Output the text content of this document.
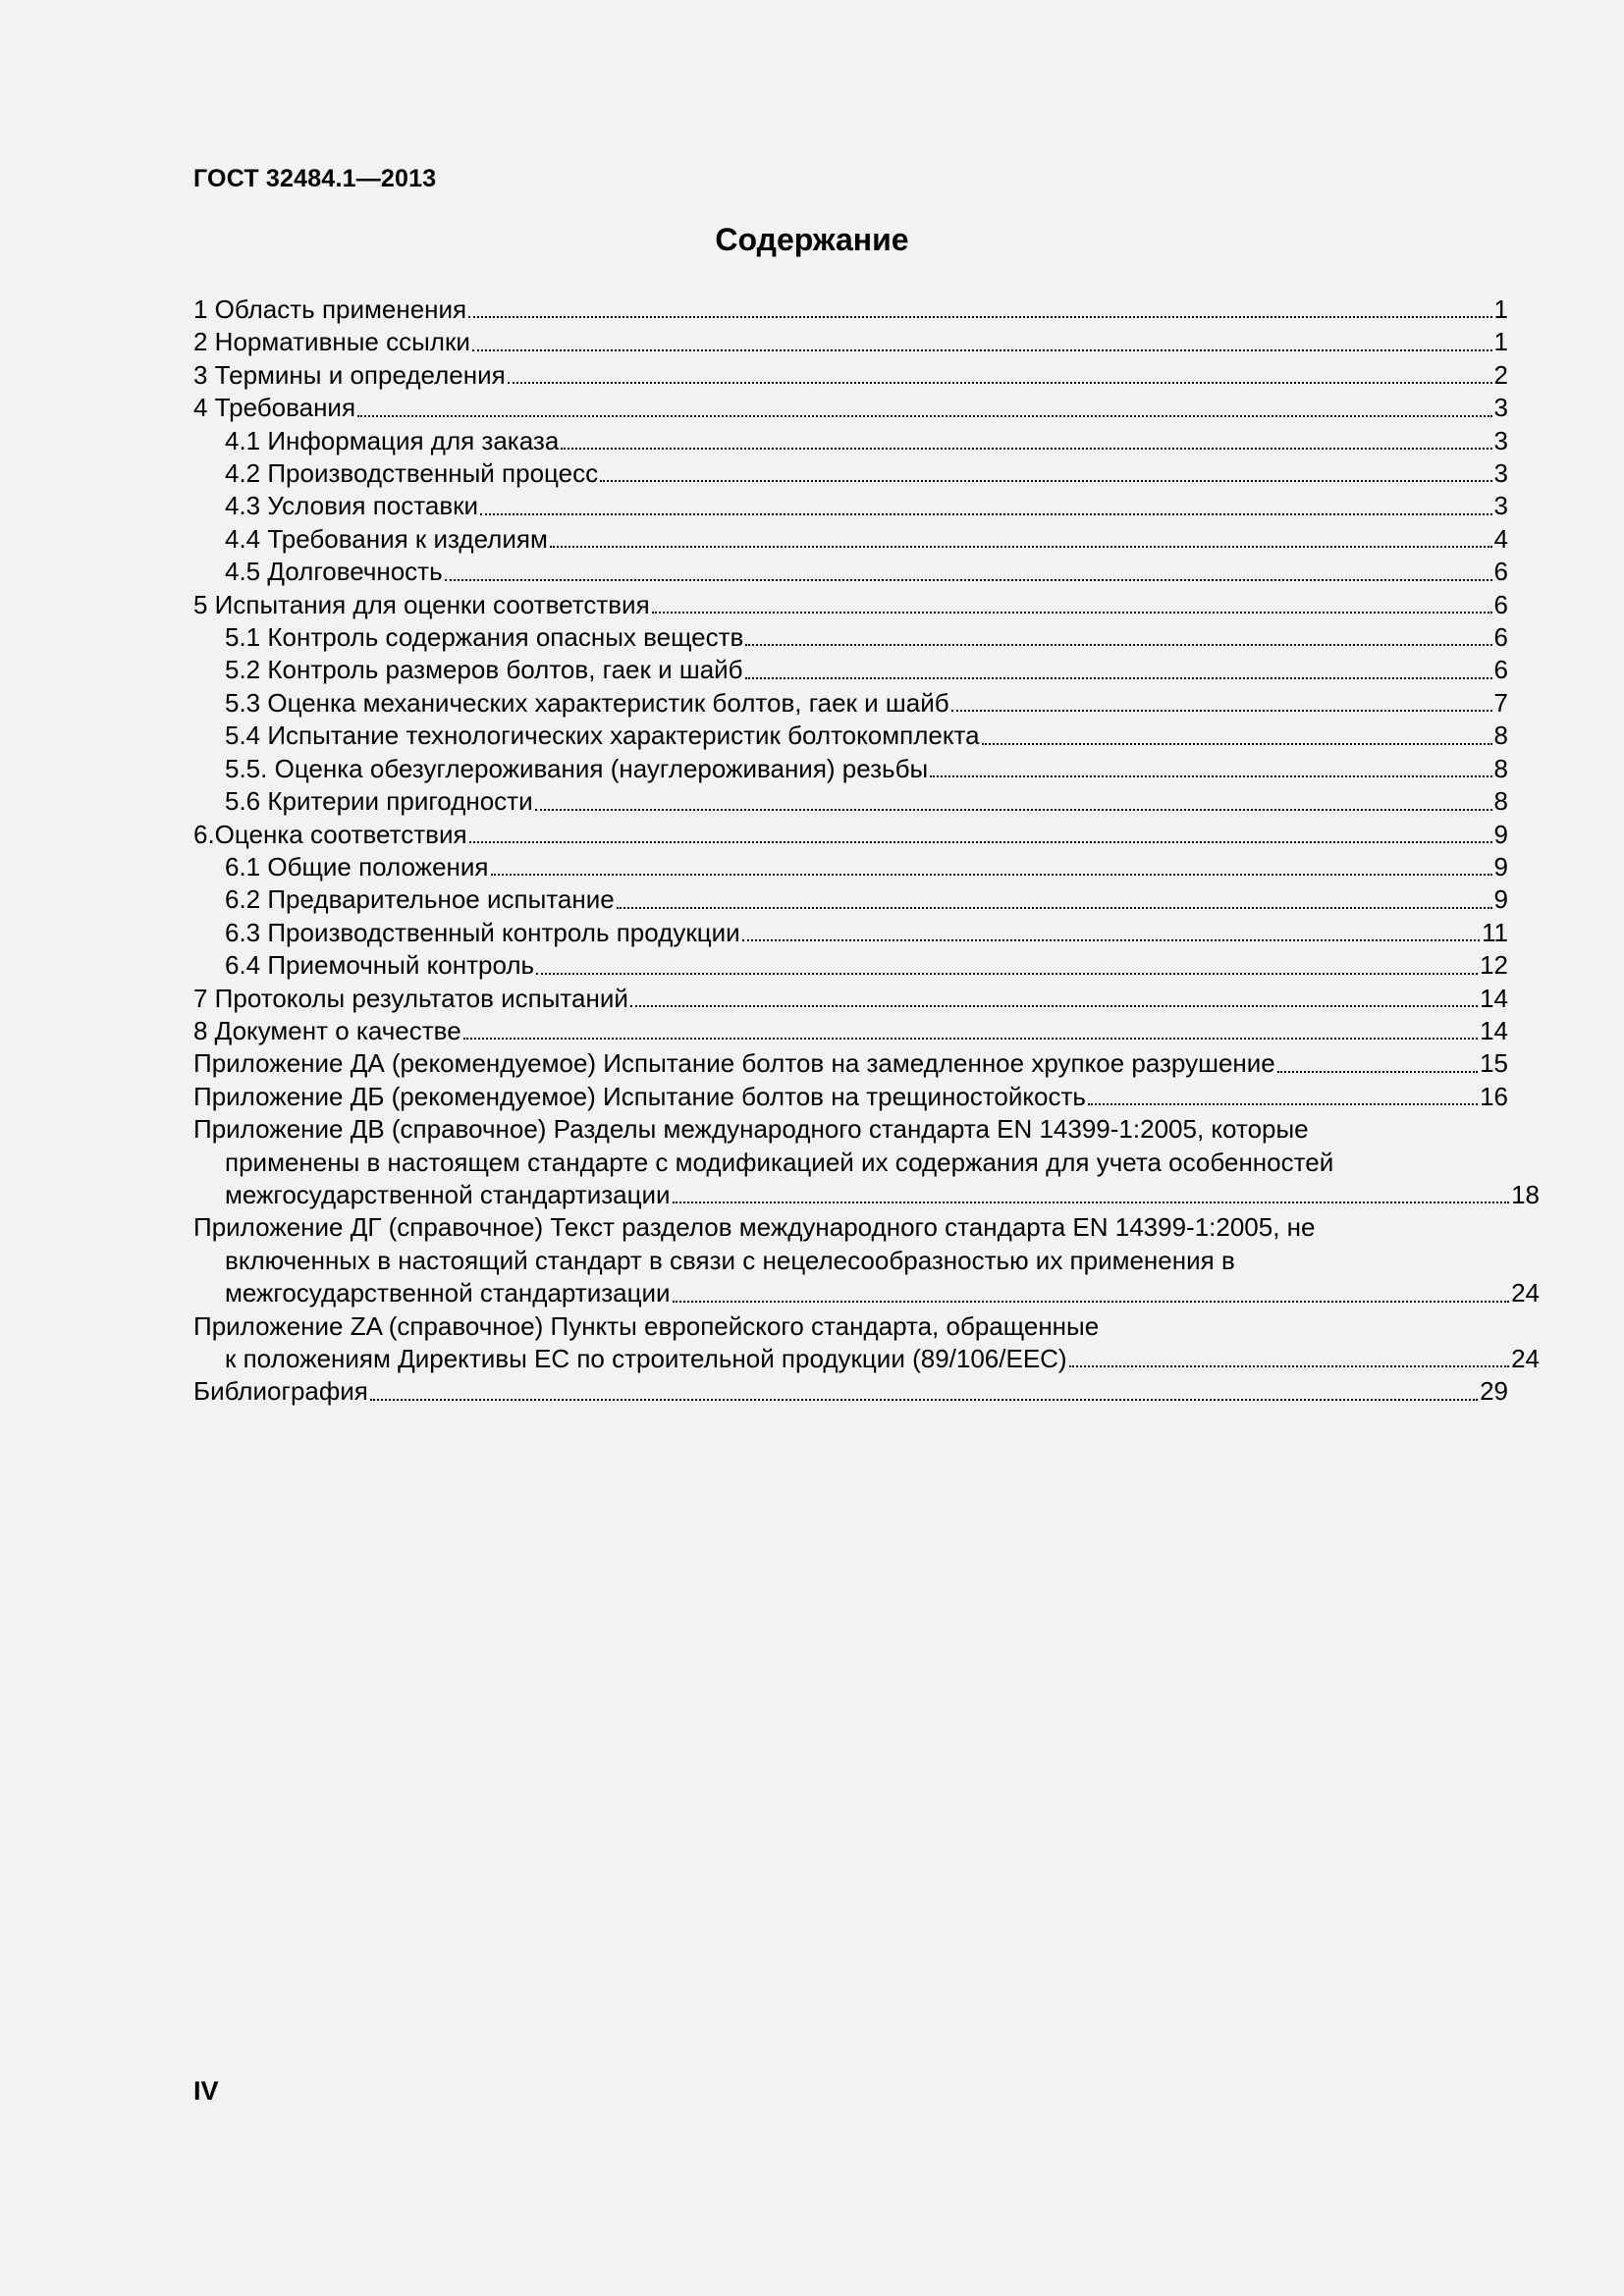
ГОСТ 32484.1—2013
Содержание
1 Область применения	1
2 Нормативные ссылки	1
3 Термины и определения	2
4 Требования	3
4.1 Информация для заказа	3
4.2 Производственный процесс	3
4.3 Условия поставки	3
4.4 Требования к изделиям	4
4.5 Долговечность	6
5 Испытания для оценки соответствия	6
5.1 Контроль содержания опасных веществ	6
5.2 Контроль размеров болтов, гаек и шайб	6
5.3 Оценка механических характеристик болтов, гаек и шайб	7
5.4 Испытание технологических характеристик болтокомплекта	8
5.5. Оценка обезуглероживания (науглероживания) резьбы	8
5.6 Критерии пригодности	8
6.Оценка соответствия	9
6.1 Общие положения	9
6.2 Предварительное испытание	9
6.3 Производственный контроль продукции	11
6.4 Приемочный контроль	12
7 Протоколы результатов испытаний	14
8 Документ о качестве	14
Приложение ДА (рекомендуемое) Испытание болтов на замедленное хрупкое разрушение	15
Приложение ДБ (рекомендуемое) Испытание болтов на трещиностойкость	16
Приложение ДВ (справочное) Разделы международного стандарта EN 14399-1:2005, которые
применены в настоящем стандарте с модификацией их содержания для учета особенностей
межгосударственной стандартизации	18
Приложение ДГ (справочное) Текст разделов международного стандарта EN 14399-1:2005, не
включенных в настоящий стандарт в связи с нецелесообразностью их применения в
межгосударственной стандартизации	24
Приложение ZA (справочное) Пункты европейского стандарта, обращенные
к положениям Директивы ЕС по строительной продукции (89/106/ЕЕС)	24
Библиография	29
IV
